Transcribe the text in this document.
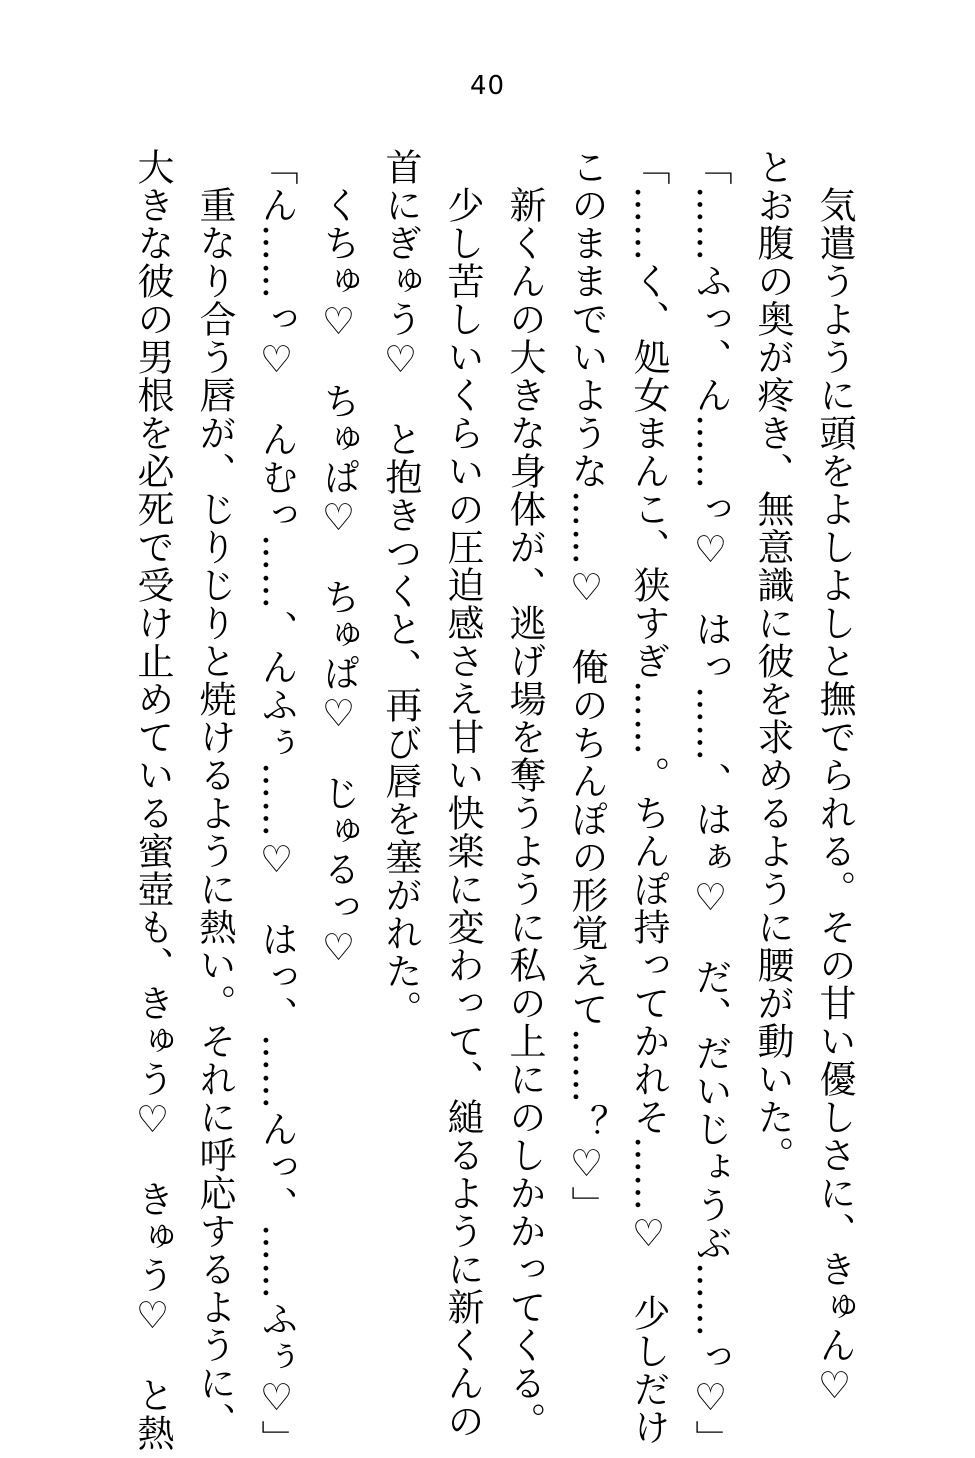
40
　気遣うように頭をよしよしと撫でられる。その甘い優しさに、きゅん♡
とお腹の奥が疼き、無意識に彼を求めるように腰が動いた。
「……ふっ、ん……っ♡　はっ……、はぁ♡　だ、だいじょうぶ……っ♡」
「……く、処女まんこ、狭すぎ……。ちんぽ持ってかれそ……♡　少しだけ
このままでいような……♡　俺のちんぽの形覚えて……？♡」
　新くんの大きな身体が、逃げ場を奪うように私の上にのしかかってくる。
　少し苦しいくらいの圧迫感さえ甘い快楽に変わって、縋るように新くんの
首にぎゅう♡　と抱きつくと、再び唇を塞がれた。
　くちゅ♡　ちゅぱ♡　ちゅぱ♡　じゅるっ♡
「ん……っ♡　んむっ……、んふぅ……♡　はっ、……んっ、……ふぅ♡」
　重なり合う唇が、じりじりと焼けるように熱い。それに呼応するように、
大きな彼の男根を必死で受け止めている蜜壺も、きゅう♡　きゅう♡　と熱
